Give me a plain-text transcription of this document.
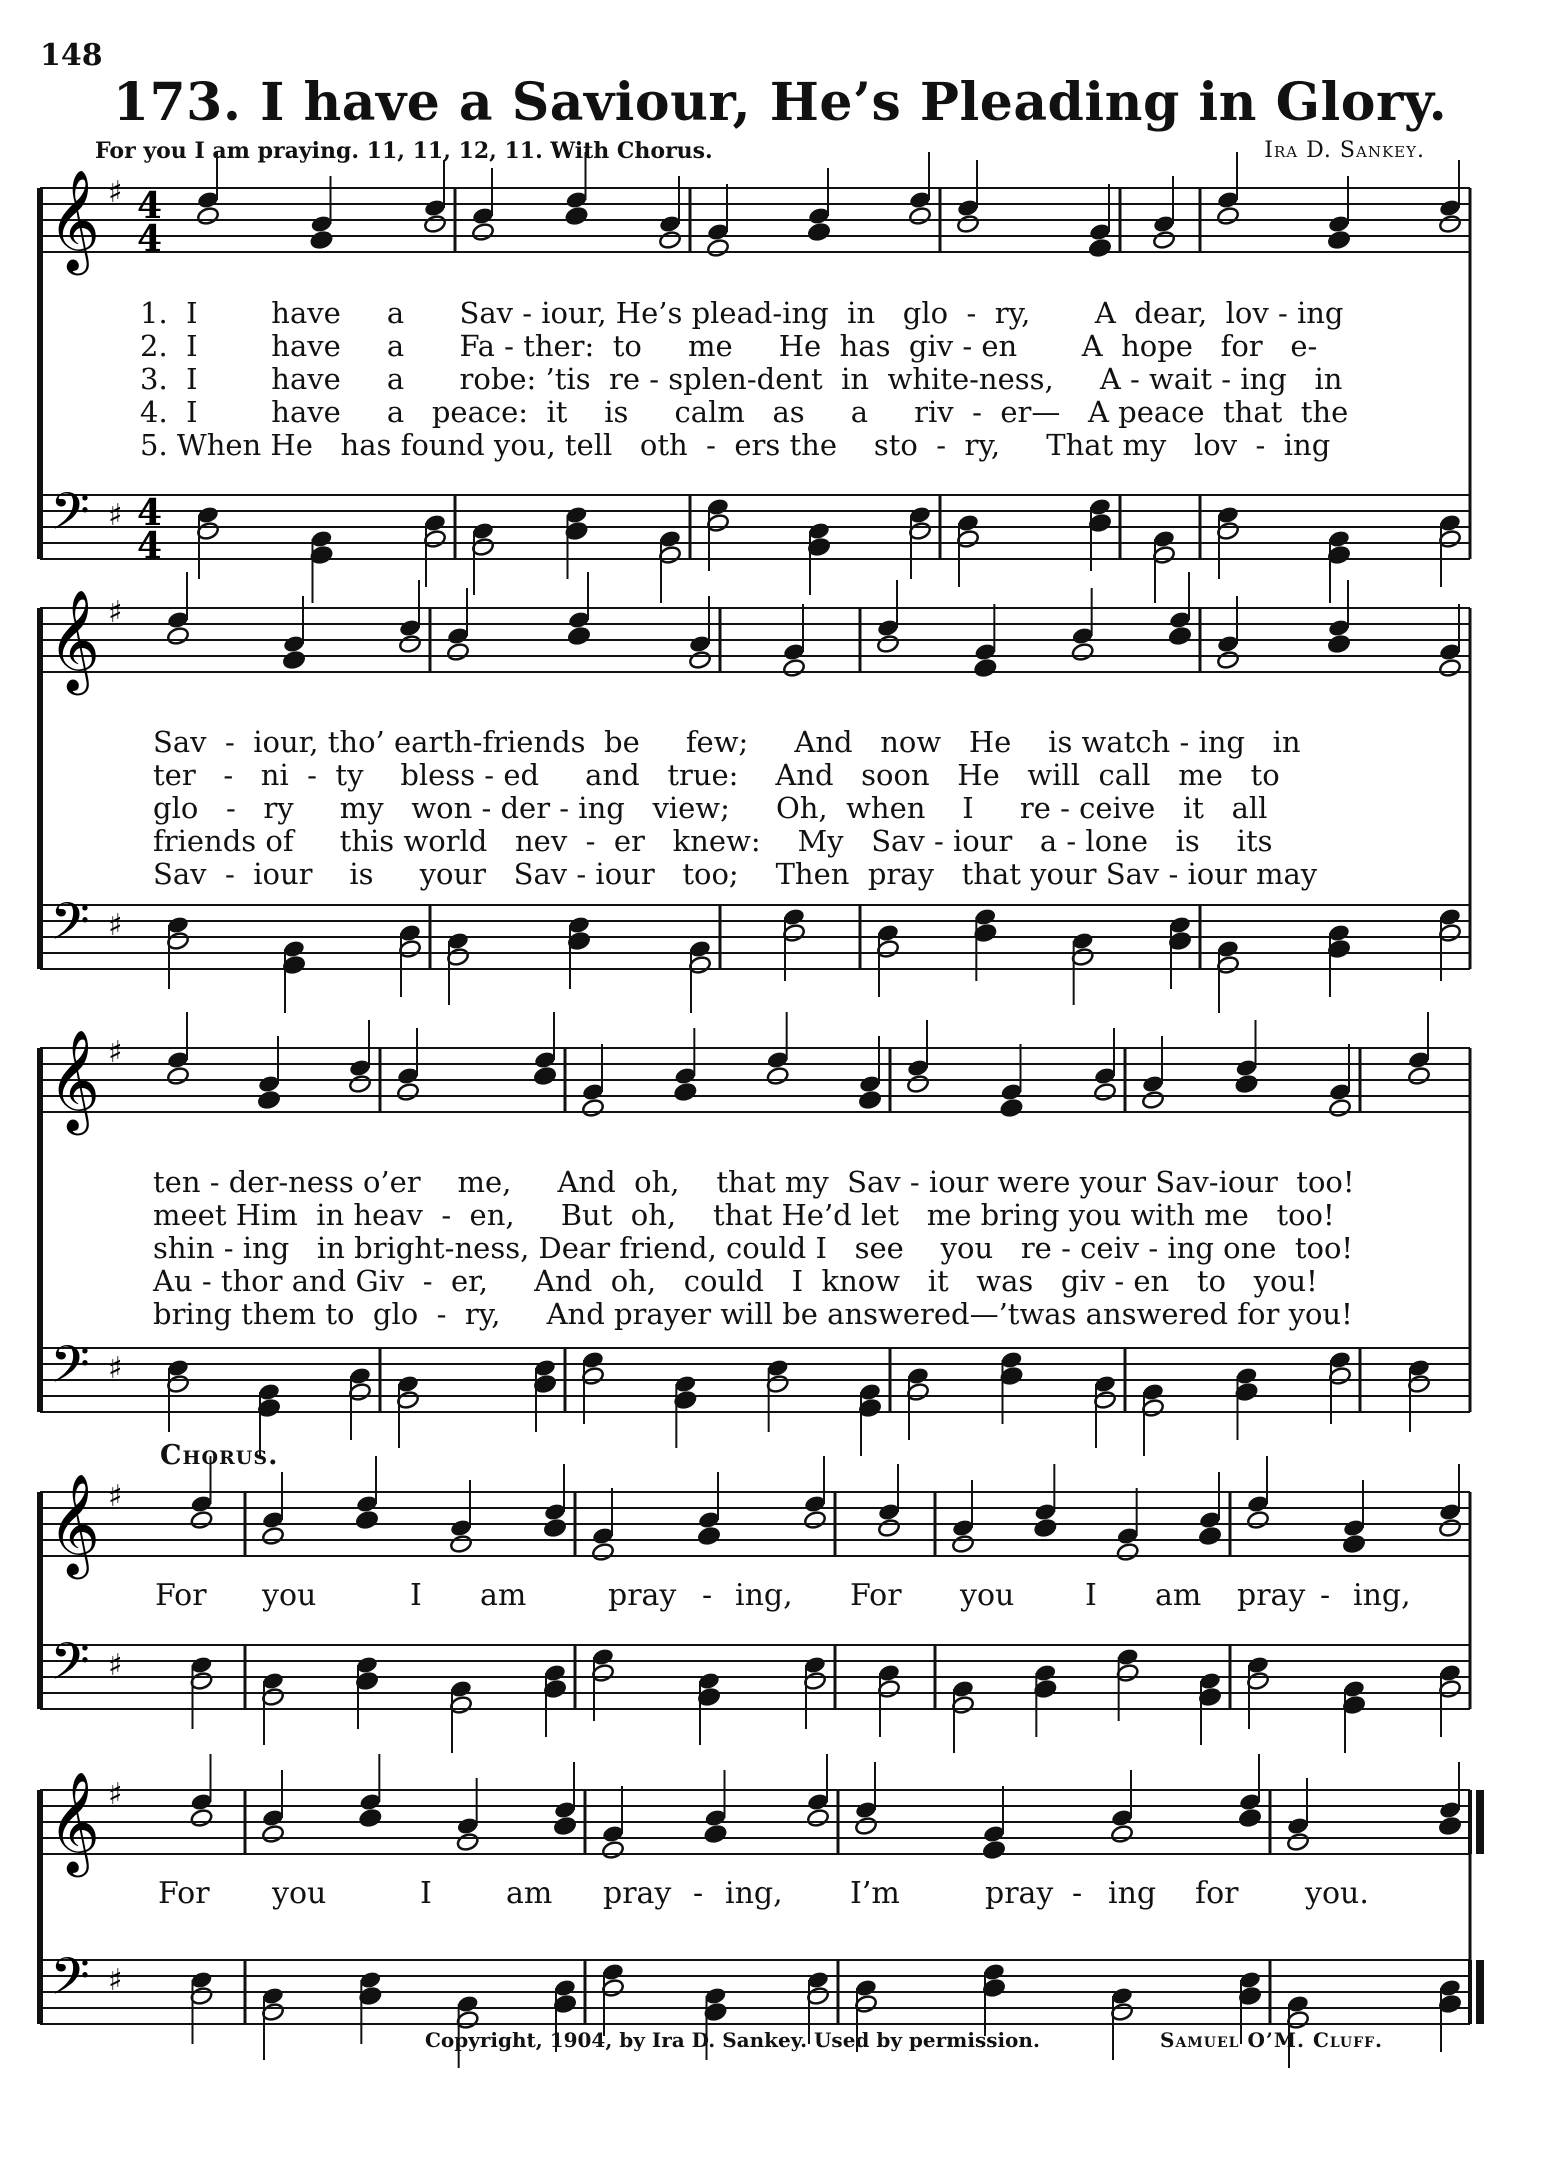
148
173. I have a Saviour, He’s Pleading in Glory.
For you I am praying. 11, 11, 12, 11. With Chorus.	Ira D. Sankey.
𝄞 ♯ 4
4
𝄢 ♯ 4
4
𝄞 ♯
𝄢 ♯
𝄞 ♯
𝄢 ♯
𝄞 ♯
𝄢 ♯
𝄞 ♯
𝄢 ♯
1.  I        have     a      Sav - iour, He’s plead-ing  in   glo  -  ry,       A  dear,  lov - ing
2.  I        have     a      Fa - ther:  to     me     He  has  giv - en       A  hope   for   e-
3.  I        have     a      robe: ’tis  re - splen-dent  in  white-ness,     A - wait - ing   in
4.  I        have     a   peace:  it    is     calm   as     a     riv  -  er—   A peace  that  the
5. When He   has found you, tell   oth  -  ers the    sto  -  ry,     That my   lov  -  ing
Sav  -  iour, tho’ earth-friends  be     few;     And   now   He    is watch - ing   in
ter   -   ni  -  ty    bless - ed     and   true:    And   soon   He   will  call   me   to
glo   -   ry     my   won - der - ing   view;     Oh,  when    I     re - ceive   it   all
friends of     this world   nev  -  er   knew:    My   Sav - iour   a - lone   is    its
Sav  -  iour    is     your   Sav - iour   too;    Then  pray   that your Sav - iour may
ten - der-ness o’er    me,     And  oh,    that my  Sav - iour were your Sav-iour  too!
meet Him  in heav  -  en,     But  oh,    that He’d let   me bring you with me   too!
shin - ing   in bright-ness, Dear friend, could I   see    you   re - ceiv - ing one  too!
Au - thor and Giv  -  er,     And  oh,   could   I  know   it   was   giv - en   to   you!
bring them to  glo  -  ry,     And prayer will be answered—’twas answered for you!
Chorus.
For you	I am	pray - ing, For you I am pray - ing,
For you	I am pray - ing, I’m	pray - ing for you.
Copyright, 1904, by Ira D. Sankey. Used by permission.	Samuel O’M. Cluff.
